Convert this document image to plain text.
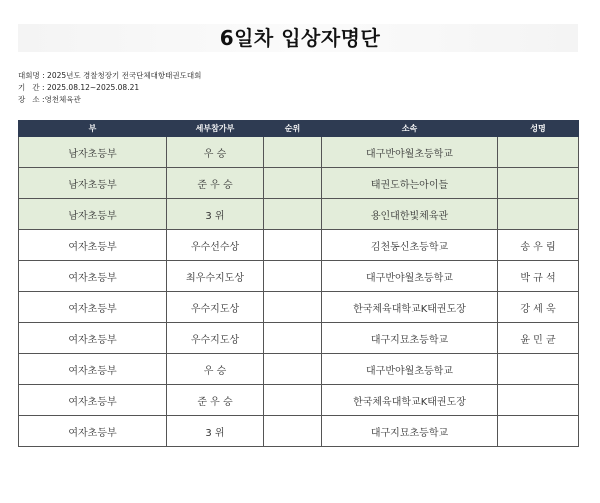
6일차 입상자명단
대회명 : 2025년도 경찰청장기 전국단체대항태권도대회
기   간 : 2025.08.12~2025.08.21
장   소 :영천체육관
부	세부참가부	순위	소속	성명
남자초등부	우 승		대구반야월초등학교	
남자초등부	준 우 승		태권도하는아이들	
남자초등부	3 위		용인대한빛체육관	
여자초등부	우수선수상		김천동신초등학교	송 우 림
여자초등부	최우수지도상		대구반야월초등학교	박 규 석
여자초등부	우수지도상		한국체육대학교K태권도장	강 세 욱
여자초등부	우수지도상		대구지묘초등학교	윤 민 균
여자초등부	우 승		대구반야월초등학교	
여자초등부	준 우 승		한국체육대학교K태권도장	
여자초등부	3 위		대구지묘초등학교	
